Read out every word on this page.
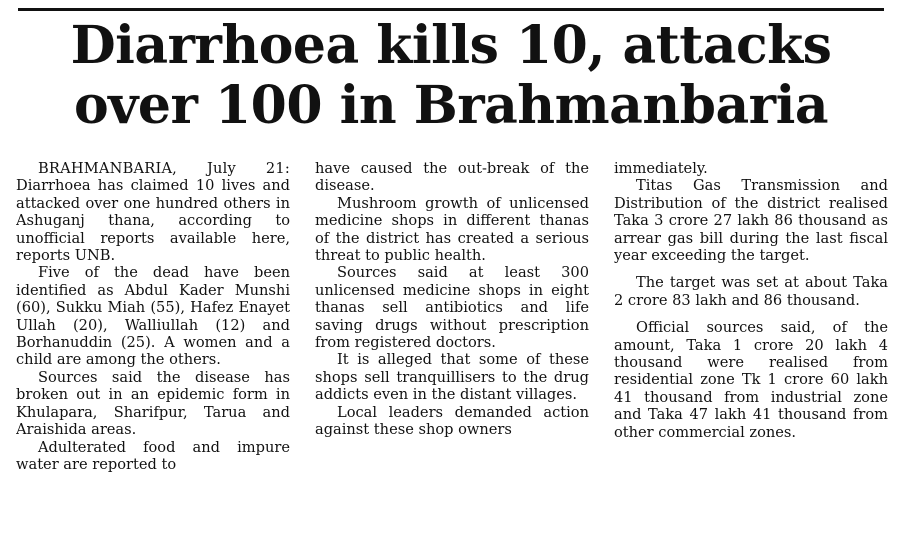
Diarrhoea kills 10, attacks
over 100 in Brahmanbaria

BRAHMANBARIA, July 21: Diarrhoea has claimed 10 lives and attacked over one hundred others in Ashuganj thana, according to unofficial reports available here, reports UNB.

Five of the dead have been identified as Abdul Kader Munshi (60), Sukku Miah (55), Hafez Enayet Ullah (20), Walliullah (12) and Borhanuddin (25). A women and a child are among the others.

Sources said the disease has broken out in an epidemic form in Khulapara, Sharifpur, Tarua and Araishida areas.

Adulterated food and impure water are reported to

have caused the out-break of the disease.

Mushroom growth of unlicensed medicine shops in different thanas of the district has created a serious threat to public health.

Sources said at least 300 unlicensed medicine shops in eight thanas sell antibiotics and life saving drugs without prescription from registered doctors.

It is alleged that some of these shops sell tranquillisers to the drug addicts even in the distant villages.

Local leaders demanded action against these shop owners

immediately.

Titas Gas Transmission and Distribution of the district realised Taka 3 crore 27 lakh 86 thousand as arrear gas bill during the last fiscal year exceeding the target.

The target was set at about Taka 2 crore 83 lakh and 86 thousand.

Official sources said, of the amount, Taka 1 crore 20 lakh 4 thousand were realised from residential zone Tk 1 crore 60 lakh 41 thousand from industrial zone and Taka 47 lakh 41 thousand from other commercial zones.
